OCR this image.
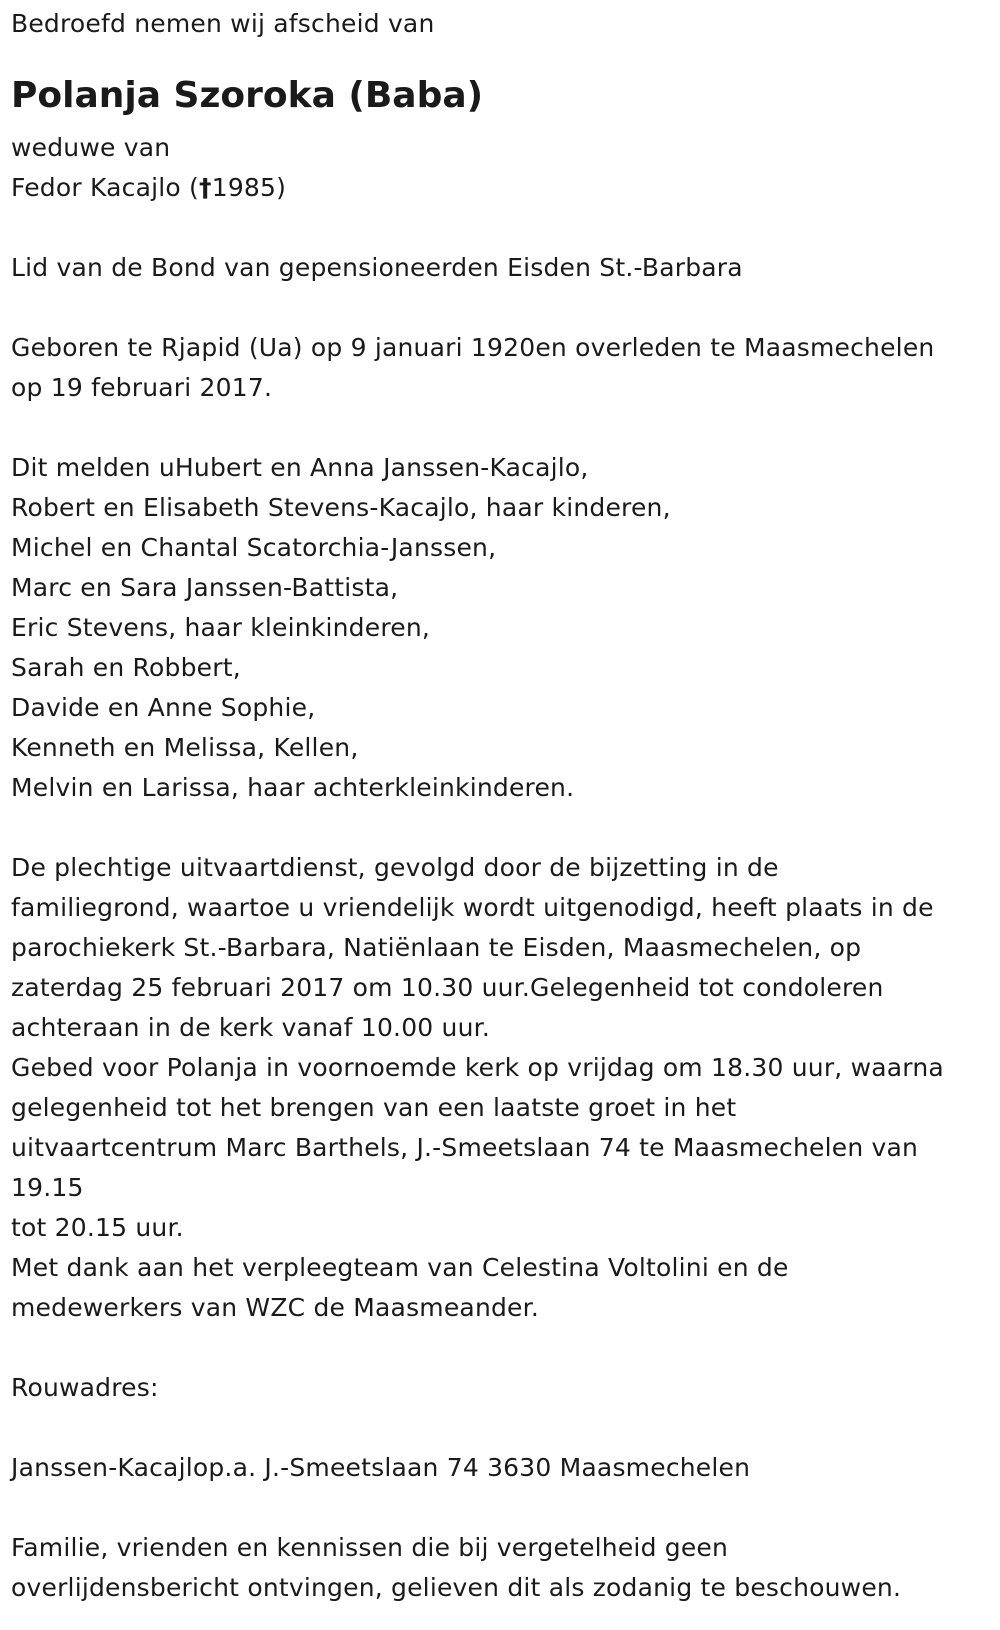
Bedroefd nemen wij afscheid van
Polanja Szoroka (Baba)
weduwe van
Fedor Kacajlo (†1985)
Lid van de Bond van gepensioneerden Eisden St.-Barbara
Geboren te Rjapid (Ua) op 9 januari 1920en overleden te Maasmechelen
op 19 februari 2017.
Dit melden uHubert en Anna Janssen-Kacajlo,
Robert en Elisabeth Stevens-Kacajlo, haar kinderen,
Michel en Chantal Scatorchia-Janssen,
Marc en Sara Janssen-Battista,
Eric Stevens, haar kleinkinderen,
Sarah en Robbert,
Davide en Anne Sophie,
Kenneth en Melissa, Kellen,
Melvin en Larissa, haar achterkleinkinderen.
De plechtige uitvaartdienst, gevolgd door de bijzetting in de
familiegrond, waartoe u vriendelijk wordt uitgenodigd, heeft plaats in de
parochiekerk St.-Barbara, Natiënlaan te Eisden, Maasmechelen, op
zaterdag 25 februari 2017 om 10.30 uur.Gelegenheid tot condoleren
achteraan in de kerk vanaf 10.00 uur.
Gebed voor Polanja in voornoemde kerk op vrijdag om 18.30 uur, waarna
gelegenheid tot het brengen van een laatste groet in het
uitvaartcentrum Marc Barthels, J.-Smeetslaan 74 te Maasmechelen van
19.15
tot 20.15 uur.
Met dank aan het verpleegteam van Celestina Voltolini en de
medewerkers van WZC de Maasmeander.
Rouwadres:
Janssen-Kacajlop.a. J.-Smeetslaan 74 3630 Maasmechelen
Familie, vrienden en kennissen die bij vergetelheid geen
overlijdensbericht ontvingen, gelieven dit als zodanig te beschouwen.
